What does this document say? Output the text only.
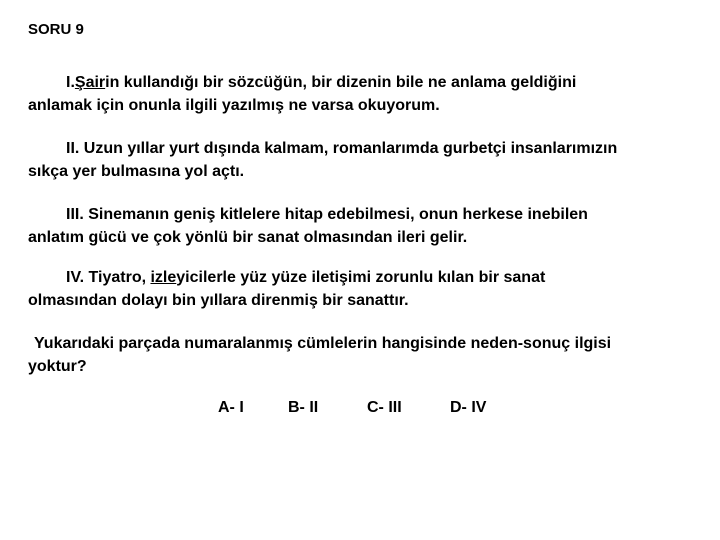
SORU 9
I.Şairin kullandığı bir sözcüğün, bir dizenin bile ne anlama geldiğini
anlamak için onunla ilgili yazılmış ne varsa okuyorum.
II. Uzun yıllar yurt dışında kalmam, romanlarımda gurbetçi insanlarımızın
sıkça yer bulmasına yol açtı.
III. Sinemanın geniş kitlelere hitap edebilmesi, onun herkese inebilen
anlatım gücü ve çok yönlü bir sanat olmasından ileri gelir.
IV. Tiyatro, izleyicilerle yüz yüze iletişimi zorunlu kılan bir sanat
olmasından dolayı bin yıllara direnmiş bir sanattır.
Yukarıdaki parçada numaralanmış cümlelerin hangisinde neden-sonuç ilgisi
yoktur?
A- I	B- II	C- III	D- IV
